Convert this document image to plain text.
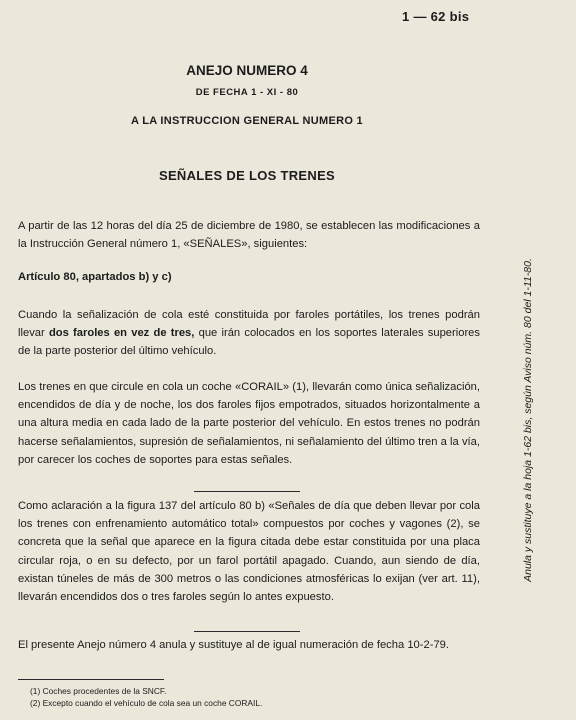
1 — 62 bis
ANEJO NUMERO 4
DE FECHA 1 - XI - 80
A LA INSTRUCCION GENERAL NUMERO 1
SEÑALES DE LOS TRENES
A partir de las 12 horas del día 25 de diciembre de 1980, se establecen las modificaciones a la Instrucción General número 1, «SEÑALES», siguientes:
Artículo 80, apartados b) y c)
Cuando la señalización de cola esté constituida por faroles portátiles, los trenes podrán llevar dos faroles en vez de tres, que irán colocados en los soportes laterales superiores de la parte posterior del último vehículo.
Los trenes en que circule en cola un coche «CORAIL» (1), llevarán como única señalización, encendidos de día y de noche, los dos faroles fijos empotrados, situados horizontalmente a una altura media en cada lado de la parte posterior del vehículo. En estos trenes no podrán hacerse señalamientos, supresión de señalamientos, ni señalamiento del último tren a la vía, por carecer los coches de soportes para estas señales.
Como aclaración a la figura 137 del artículo 80 b) «Señales de día que deben llevar por cola los trenes con enfrenamiento automático total» compuestos por coches y vagones (2), se concreta que la señal que aparece en la figura citada debe estar constituida por una placa circular roja, o en su defecto, por un farol portátil apagado. Cuando, aun siendo de día, existan túneles de más de 300 metros o las condiciones atmosféricas lo exijan (ver art. 11), llevarán encendidos dos o tres faroles según lo antes expuesto.
El presente Anejo número 4 anula y sustituye al de igual numeración de fecha 10-2-79.
(1) Coches procedentes de la SNCF.
(2) Excepto cuando el vehículo de cola sea un coche CORAIL.
Anula y sustituye a la hoja 1-62 bis, según Aviso núm. 80 del 1-11-80.
